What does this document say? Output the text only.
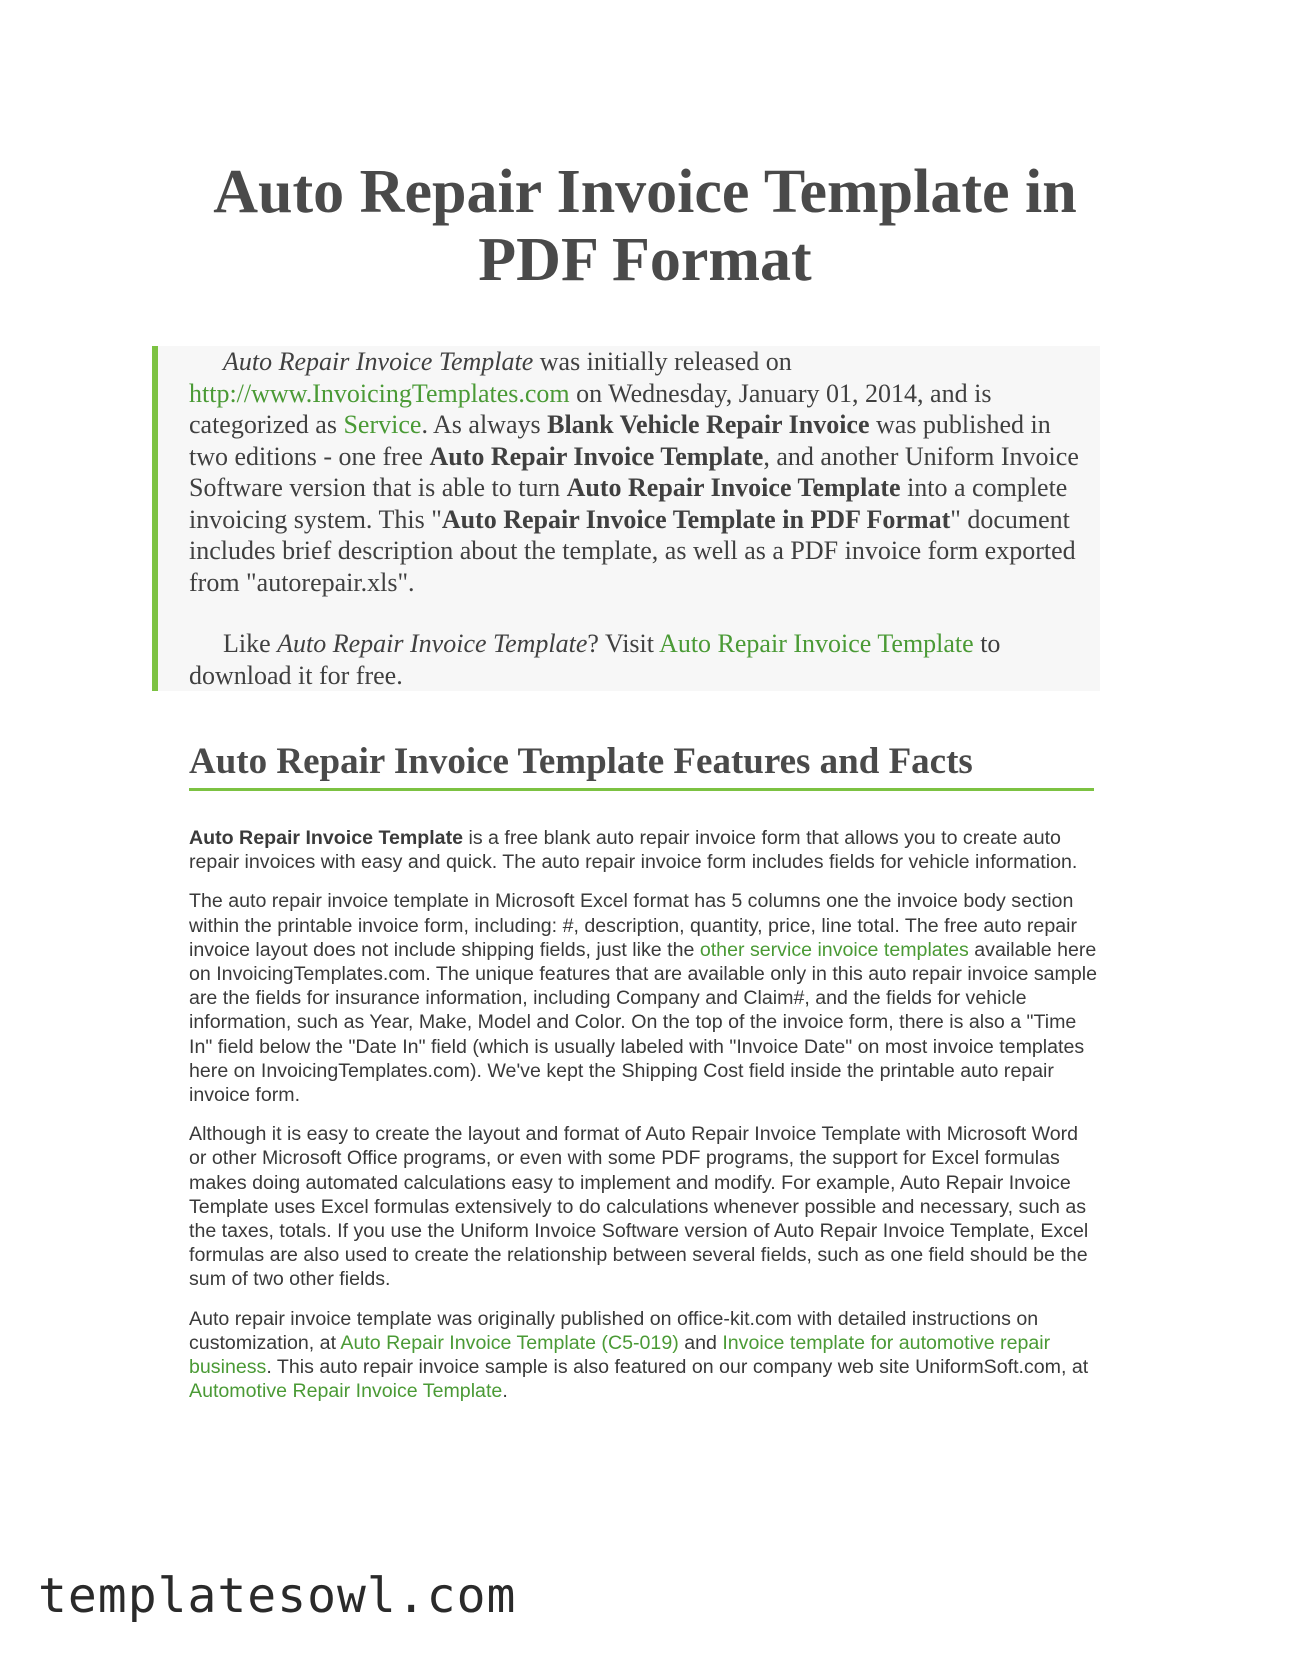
Auto Repair Invoice Template in
PDF Format

Auto Repair Invoice Template was initially released on http://www.InvoicingTemplates.com on Wednesday, January 01, 2014, and is categorized as Service. As always Blank Vehicle Repair Invoice was published in two editions - one free Auto Repair Invoice Template, and another Uniform Invoice Software version that is able to turn Auto Repair Invoice Template into a complete invoicing system. This "Auto Repair Invoice Template in PDF Format" document includes brief description about the template, as well as a PDF invoice form exported from "autorepair.xls".

Like Auto Repair Invoice Template? Visit Auto Repair Invoice Template to download it for free.

Auto Repair Invoice Template Features and Facts

Auto Repair Invoice Template is a free blank auto repair invoice form that allows you to create auto repair invoices with easy and quick. The auto repair invoice form includes fields for vehicle information.

The auto repair invoice template in Microsoft Excel format has 5 columns one the invoice body section within the printable invoice form, including: #, description, quantity, price, line total. The free auto repair invoice layout does not include shipping fields, just like the other service invoice templates available here on InvoicingTemplates.com. The unique features that are available only in this auto repair invoice sample are the fields for insurance information, including Company and Claim#, and the fields for vehicle information, such as Year, Make, Model and Color. On the top of the invoice form, there is also a "Time In" field below the "Date In" field (which is usually labeled with "Invoice Date" on most invoice templates here on InvoicingTemplates.com). We've kept the Shipping Cost field inside the printable auto repair invoice form.

Although it is easy to create the layout and format of Auto Repair Invoice Template with Microsoft Word or other Microsoft Office programs, or even with some PDF programs, the support for Excel formulas makes doing automated calculations easy to implement and modify. For example, Auto Repair Invoice Template uses Excel formulas extensively to do calculations whenever possible and necessary, such as the taxes, totals. If you use the Uniform Invoice Software version of Auto Repair Invoice Template, Excel formulas are also used to create the relationship between several fields, such as one field should be the sum of two other fields.

Auto repair invoice template was originally published on office-kit.com with detailed instructions on customization, at Auto Repair Invoice Template (C5-019) and Invoice template for automotive repair business. This auto repair invoice sample is also featured on our company web site UniformSoft.com, at Automotive Repair Invoice Template.

templatesowl.com
